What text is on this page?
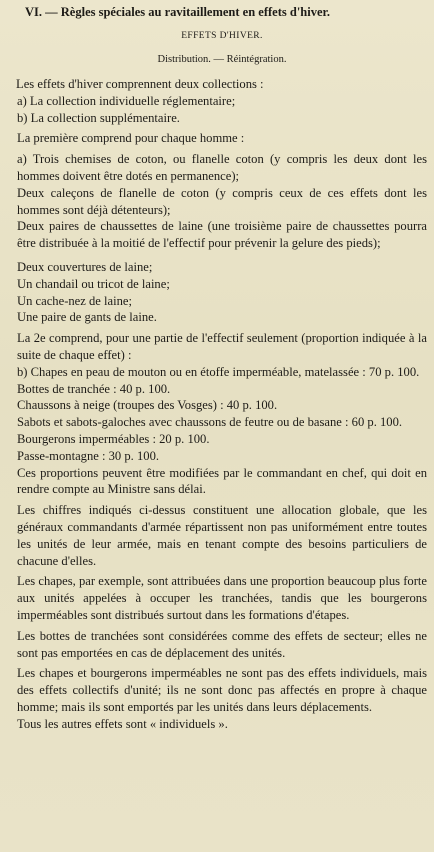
VI. — Règles spéciales au ravitaillement en effets d'hiver.
EFFETS D'HIVER.
Distribution. — Réintégration.

Les effets d'hiver comprennent deux collections :

a) La collection individuelle réglementaire;

b) La collection supplémentaire.

La première comprend pour chaque homme :

a) Trois chemises de coton, ou flanelle coton (y compris les deux dont les hommes doivent être dotés en permanence);

Deux caleçons de flanelle de coton (y compris ceux de ces effets dont les hommes sont déjà détenteurs);

Deux paires de chaussettes de laine (une troisième paire de chaussettes pourra être distribuée à la moitié de l'effectif pour prévenir la gelure des pieds);

Deux couvertures de laine;

Un chandail ou tricot de laine;

Un cache-nez de laine;

Une paire de gants de laine.

La 2e comprend, pour une partie de l'effectif seulement (proportion indiquée à la suite de chaque effet) :

b) Chapes en peau de mouton ou en étoffe imperméable, matelassée : 70 p. 100.

Bottes de tranchée : 40 p. 100.

Chaussons à neige (troupes des Vosges) : 40 p. 100.

Sabots et sabots-galoches avec chaussons de feutre ou de basane : 60 p. 100.

Bourgerons imperméables : 20 p. 100.

Passe-montagne : 30 p. 100.

Ces proportions peuvent être modifiées par le commandant en chef, qui doit en rendre compte au Ministre sans délai.

Les chiffres indiqués ci-dessus constituent une allocation globale, que les généraux commandants d'armée répartissent non pas uniformément entre toutes les unités de leur armée, mais en tenant compte des besoins particuliers de chacune d'elles.

Les chapes, par exemple, sont attribuées dans une proportion beaucoup plus forte aux unités appelées à occuper les tranchées, tandis que les bourgerons imperméables sont distribués surtout dans les formations d'étapes.

Les bottes de tranchées sont considérées comme des effets de secteur; elles ne sont pas emportées en cas de déplacement des unités.

Les chapes et bourgerons imperméables ne sont pas des effets individuels, mais des effets collectifs d'unité; ils ne sont donc pas affectés en propre à chaque homme; mais ils sont emportés par les unités dans leurs déplacements.

Tous les autres effets sont « individuels ».
